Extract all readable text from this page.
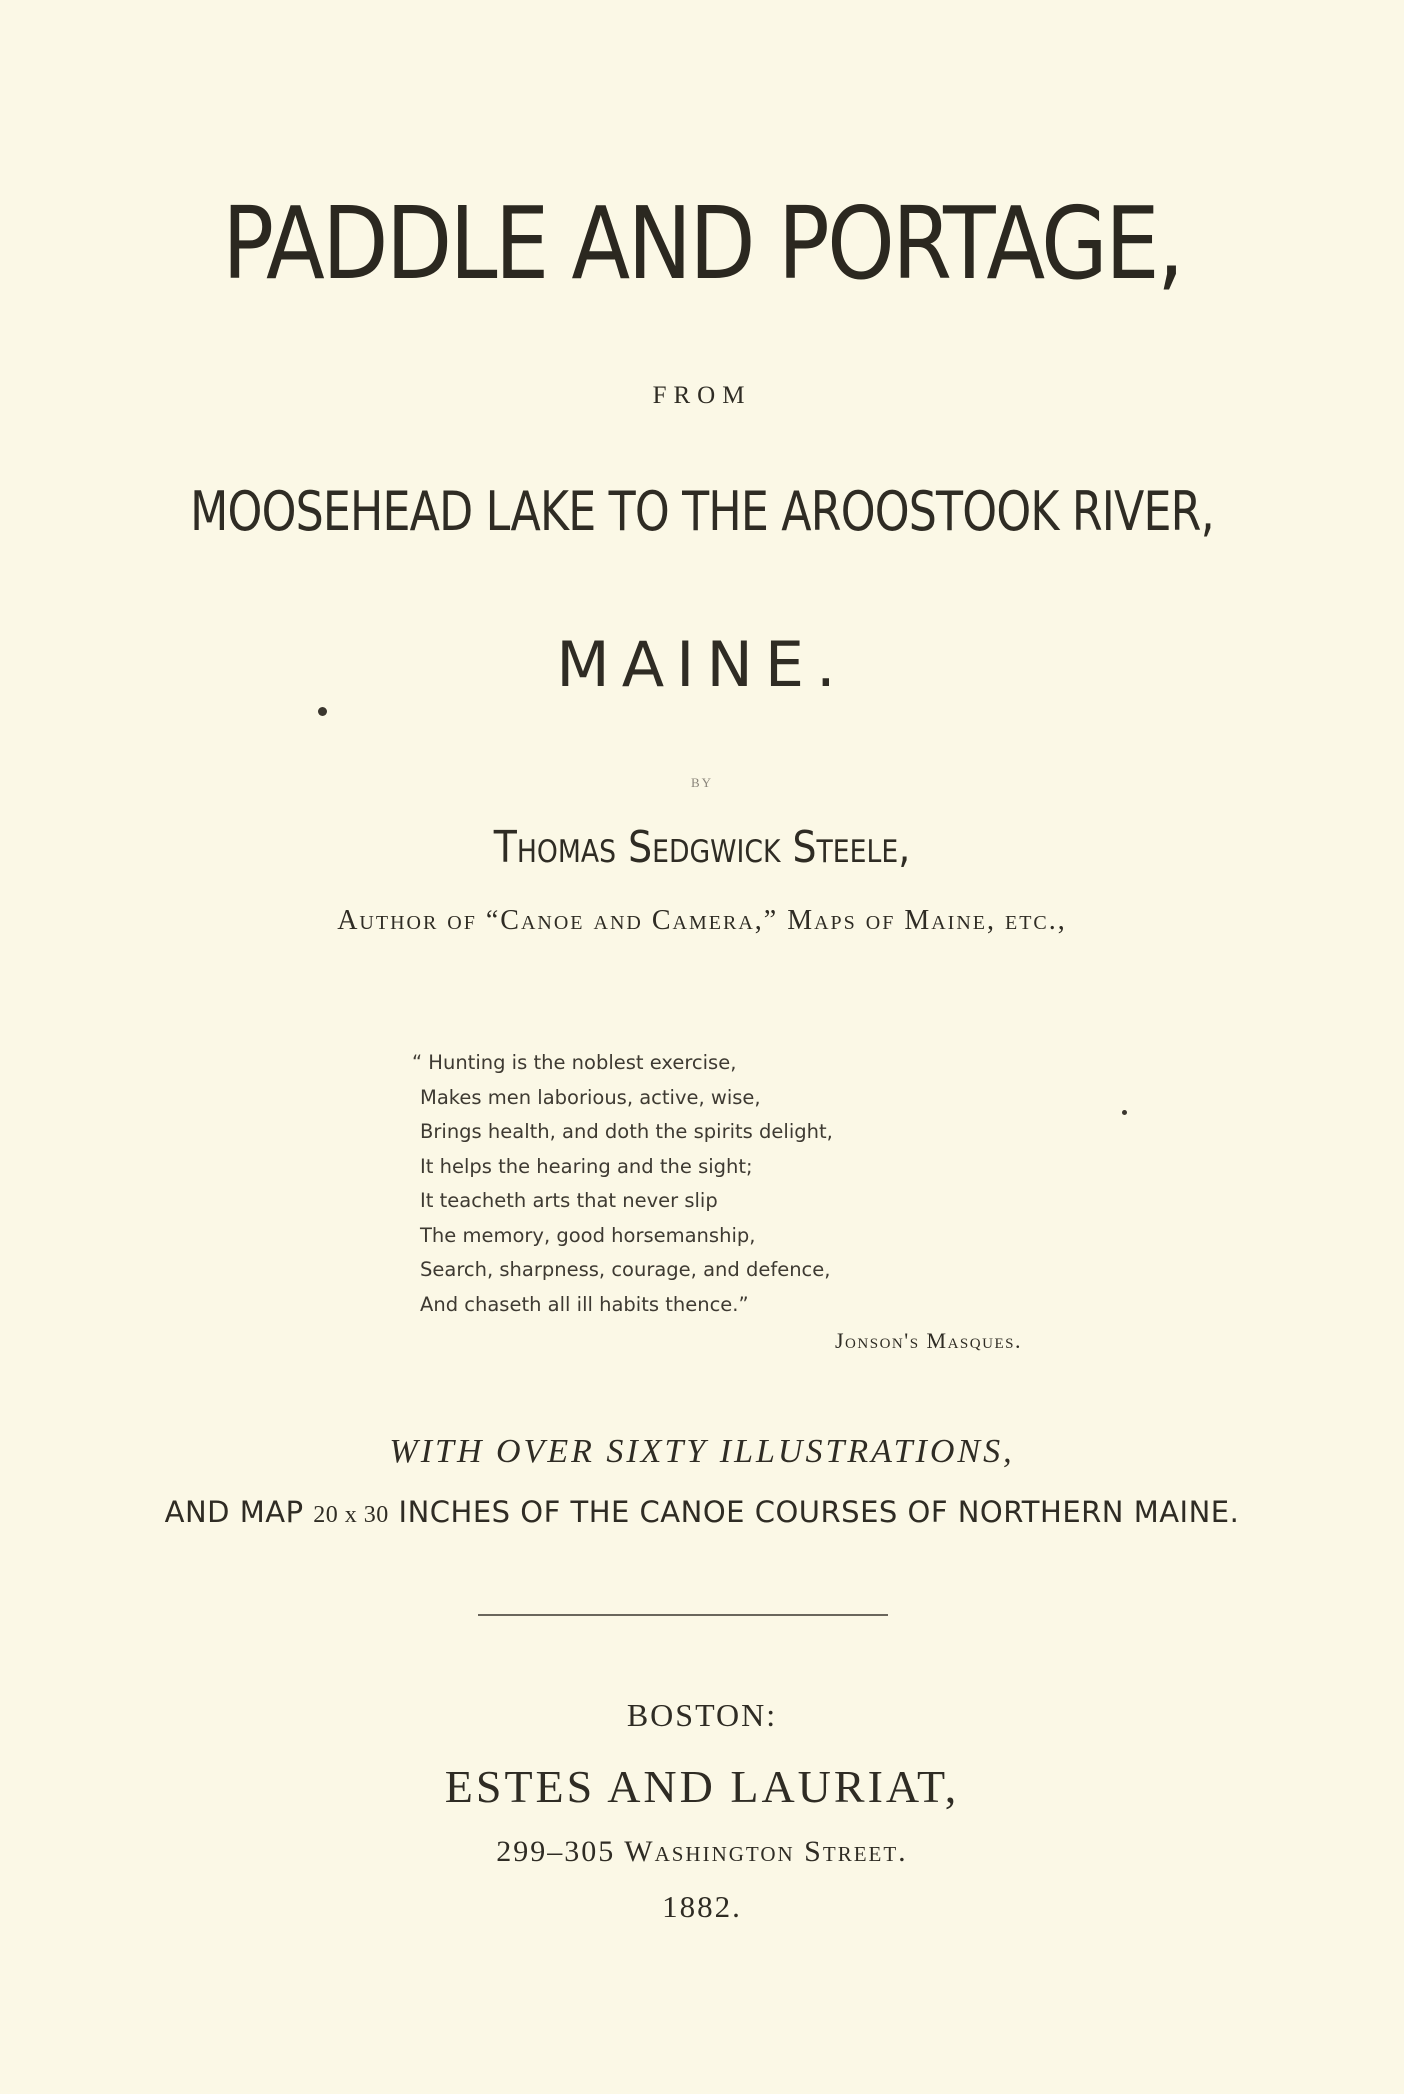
PADDLE AND PORTAGE,
FROM
MOOSEHEAD LAKE TO THE AROOSTOOK RIVER,
MAINE.
BY
Thomas Sedgwick Steele,
Author of “Canoe and Camera,” Maps of Maine, etc.,
“ Hunting is the noblest exercise,
Makes men laborious, active, wise,
Brings health, and doth the spirits delight,
It helps the hearing and the sight;
It teacheth arts that never slip
The memory, good horsemanship,
Search, sharpness, courage, and defence,
And chaseth all ill habits thence.”
Jonson's Masques.
WITH OVER SIXTY ILLUSTRATIONS,
AND MAP 20 x 30 INCHES OF THE CANOE COURSES OF NORTHERN MAINE.
BOSTON:
ESTES AND LAURIAT,
299–305 Washington Street.
1882.
